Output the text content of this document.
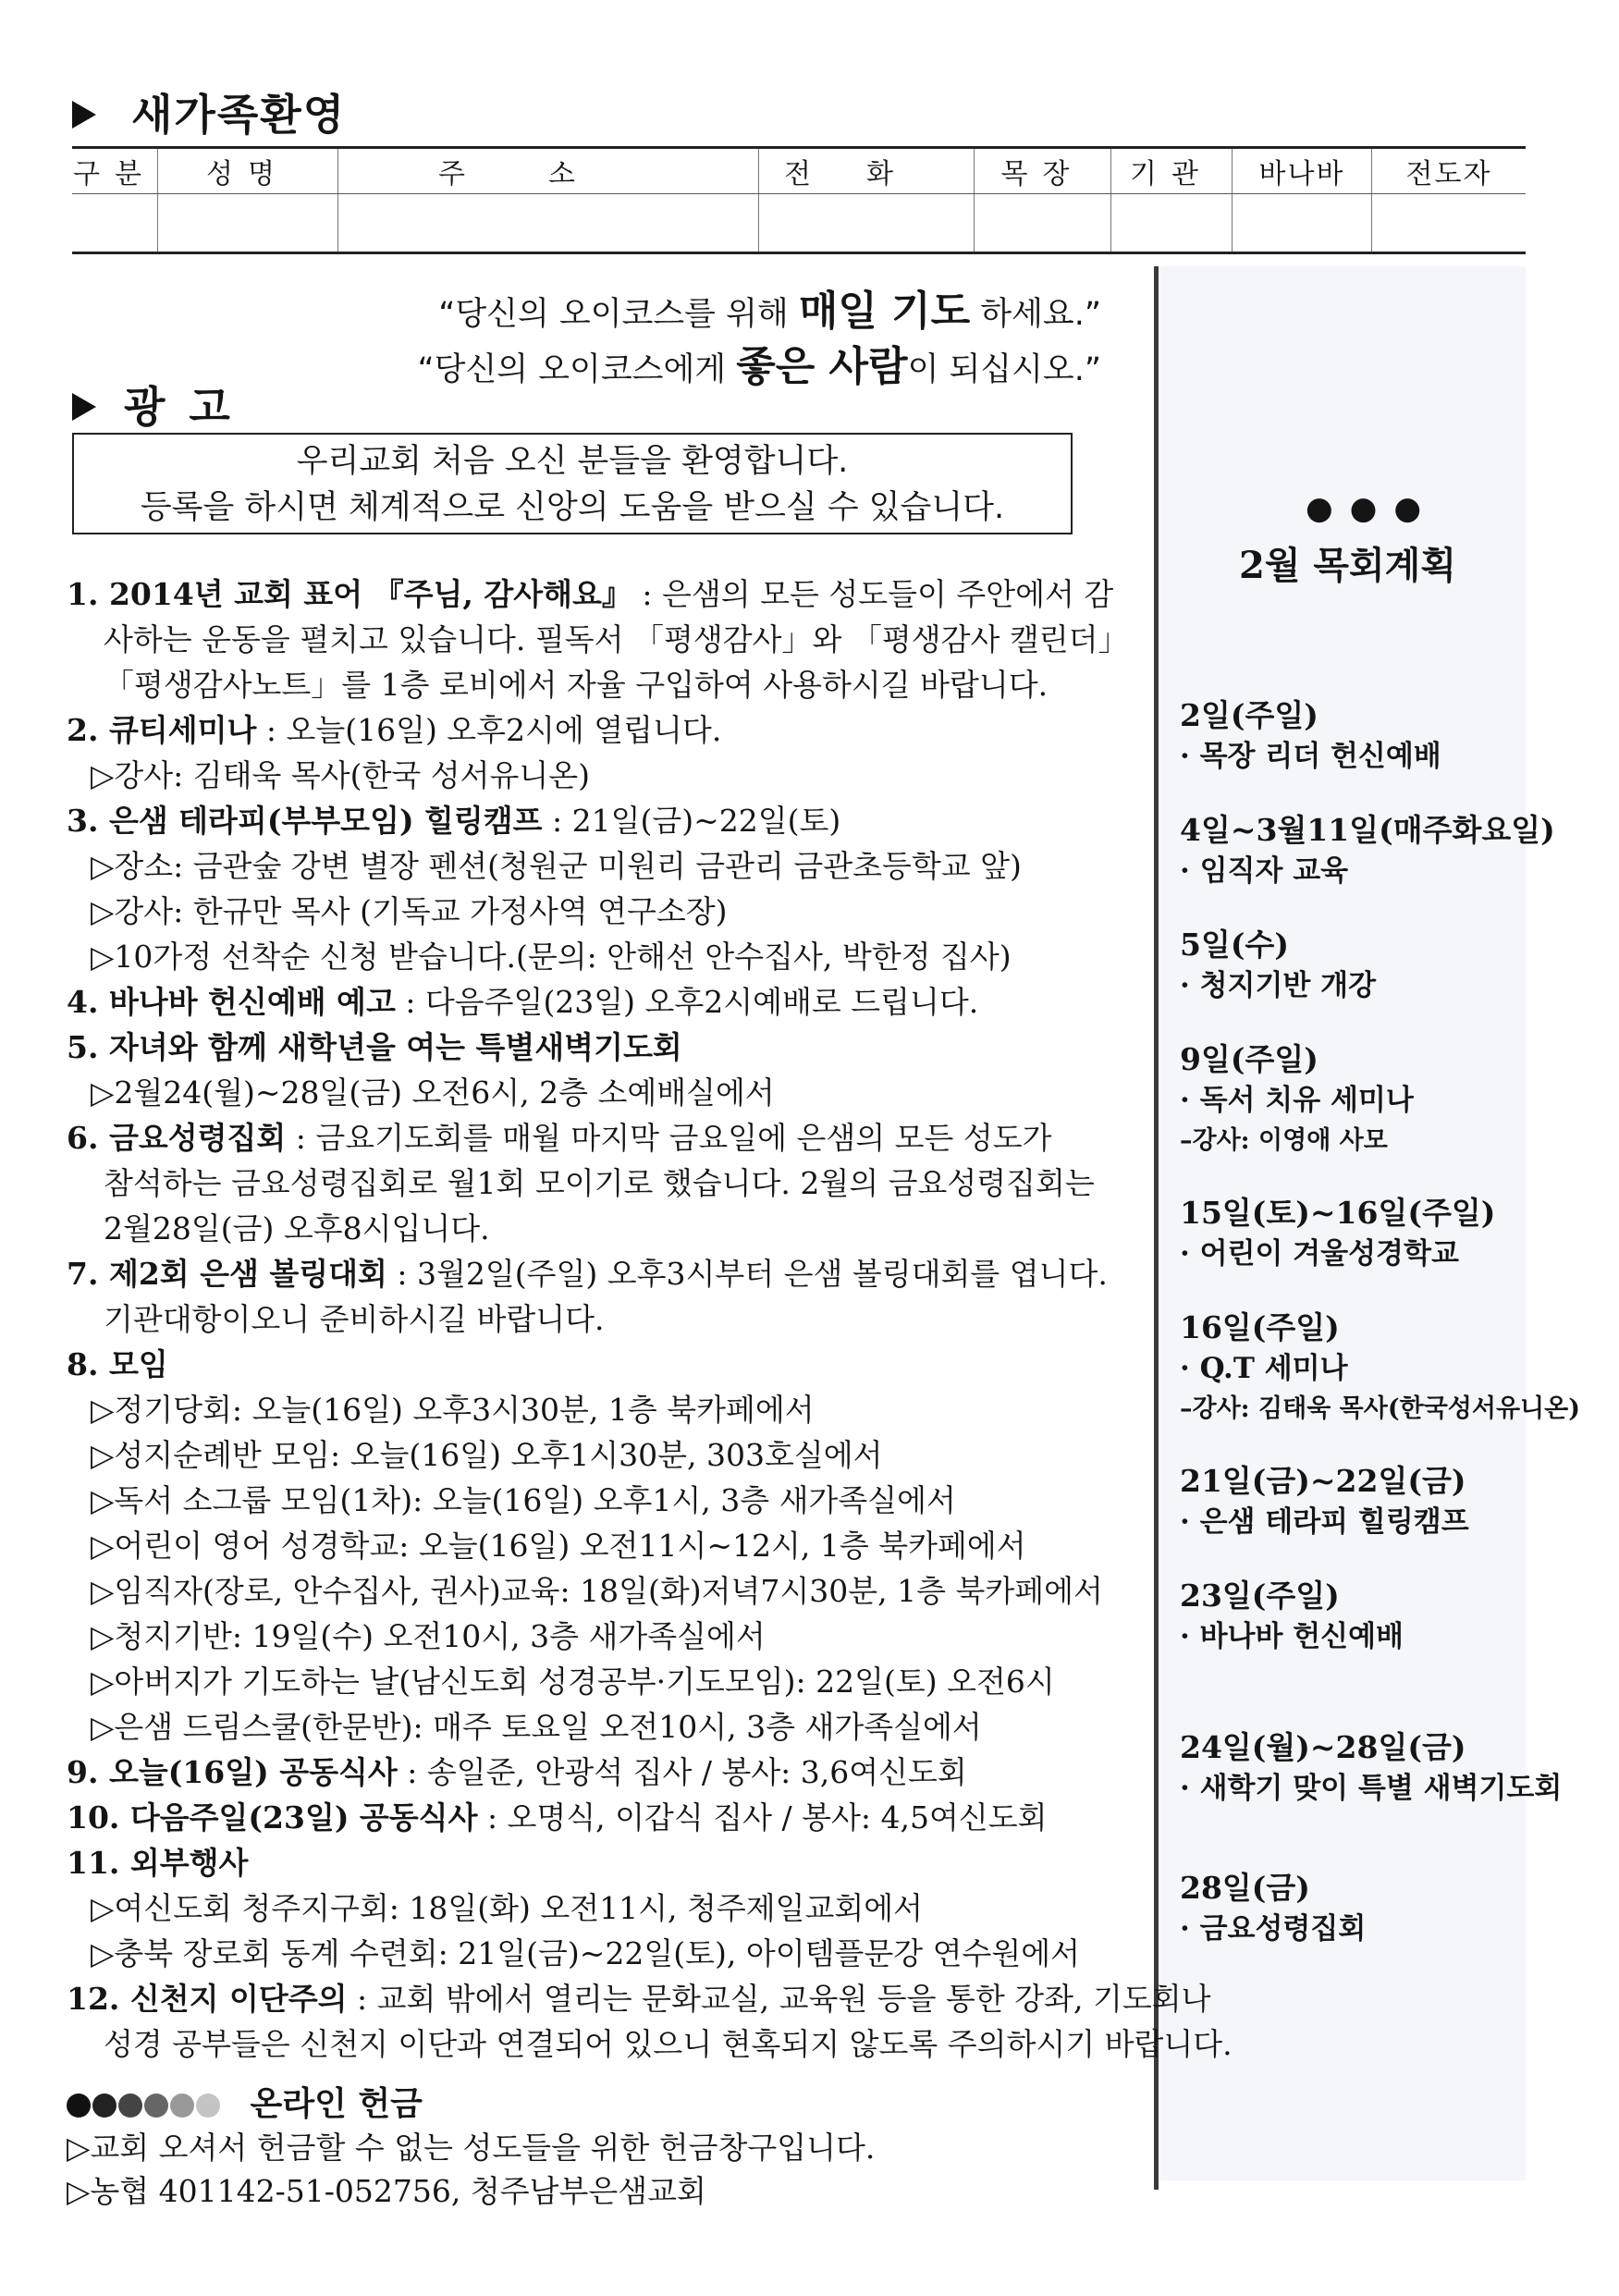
새가족환영
구분	성명	주소	전화	목장	기관	바나바	전도자

“당신의 오이코스를 위해 매일 기도 하세요.”
“당신의 오이코스에게 좋은 사람이 되십시오.”
광고
우리교회 처음 오신 분들을 환영합니다.
등록을 하시면 체계적으로 신앙의 도움을 받으실 수 있습니다.
1. 2014년 교회 표어 『주님, 감사해요』 : 은샘의 모든 성도들이 주안에서 감
사하는 운동을 펼치고 있습니다. 필독서 「평생감사」와 「평생감사 캘린더」
「평생감사노트」를 1층 로비에서 자율 구입하여 사용하시길 바랍니다.
2. 큐티세미나 : 오늘(16일) 오후2시에 열립니다.
▷강사: 김태욱 목사(한국 성서유니온)
3. 은샘 테라피(부부모임) 힐링캠프 : 21일(금)~22일(토)
▷장소: 금관숲 강변 별장 펜션(청원군 미원리 금관리 금관초등학교 앞)
▷강사: 한규만 목사 (기독교 가정사역 연구소장)
▷10가정 선착순 신청 받습니다.(문의: 안해선 안수집사, 박한정 집사)
4. 바나바 헌신예배 예고 : 다음주일(23일) 오후2시예배로 드립니다.
5. 자녀와 함께 새학년을 여는 특별새벽기도회
▷2월24(월)~28일(금) 오전6시, 2층 소예배실에서
6. 금요성령집회 : 금요기도회를 매월 마지막 금요일에 은샘의 모든 성도가
참석하는 금요성령집회로 월1회 모이기로 했습니다. 2월의 금요성령집회는
2월28일(금) 오후8시입니다.
7. 제2회 은샘 볼링대회 : 3월2일(주일) 오후3시부터 은샘 볼링대회를 엽니다.
기관대항이오니 준비하시길 바랍니다.
8. 모임
▷정기당회: 오늘(16일) 오후3시30분, 1층 북카페에서
▷성지순례반 모임: 오늘(16일) 오후1시30분, 303호실에서
▷독서 소그룹 모임(1차): 오늘(16일) 오후1시, 3층 새가족실에서
▷어린이 영어 성경학교: 오늘(16일) 오전11시~12시, 1층 북카페에서
▷임직자(장로, 안수집사, 권사)교육: 18일(화)저녁7시30분, 1층 북카페에서
▷청지기반: 19일(수) 오전10시, 3층 새가족실에서
▷아버지가 기도하는 날(남신도회 성경공부·기도모임): 22일(토) 오전6시
▷은샘 드림스쿨(한문반): 매주 토요일 오전10시, 3층 새가족실에서
9. 오늘(16일) 공동식사 : 송일준, 안광석 집사 / 봉사: 3,6여신도회
10. 다음주일(23일) 공동식사 : 오명식, 이갑식 집사 / 봉사: 4,5여신도회
11. 외부행사
▷여신도회 청주지구회: 18일(화) 오전11시, 청주제일교회에서
▷충북 장로회 동계 수련회: 21일(금)~22일(토), 아이템플문강 연수원에서
12. 신천지 이단주의 : 교회 밖에서 열리는 문화교실, 교육원 등을 통한 강좌, 기도회나
성경 공부들은 신천지 이단과 연결되어 있으니 현혹되지 않도록 주의하시기 바랍니다.
온라인 헌금
▷교회 오셔서 헌금할 수 없는 성도들을 위한 헌금창구입니다.
▷농협 401142-51-052756, 청주남부은샘교회
●●●
2월 목회계획
2일(주일)
· 목장 리더 헌신예배
4일~3월11일(매주화요일)
· 임직자 교육
5일(수)
· 청지기반 개강
9일(주일)
· 독서 치유 세미나
–강사: 이영애 사모
15일(토)~16일(주일)
· 어린이 겨울성경학교
16일(주일)
· Q.T 세미나
–강사: 김태욱 목사(한국성서유니온)
21일(금)~22일(금)
· 은샘 테라피 힐링캠프
23일(주일)
· 바나바 헌신예배
24일(월)~28일(금)
· 새학기 맞이 특별 새벽기도회
28일(금)
· 금요성령집회
